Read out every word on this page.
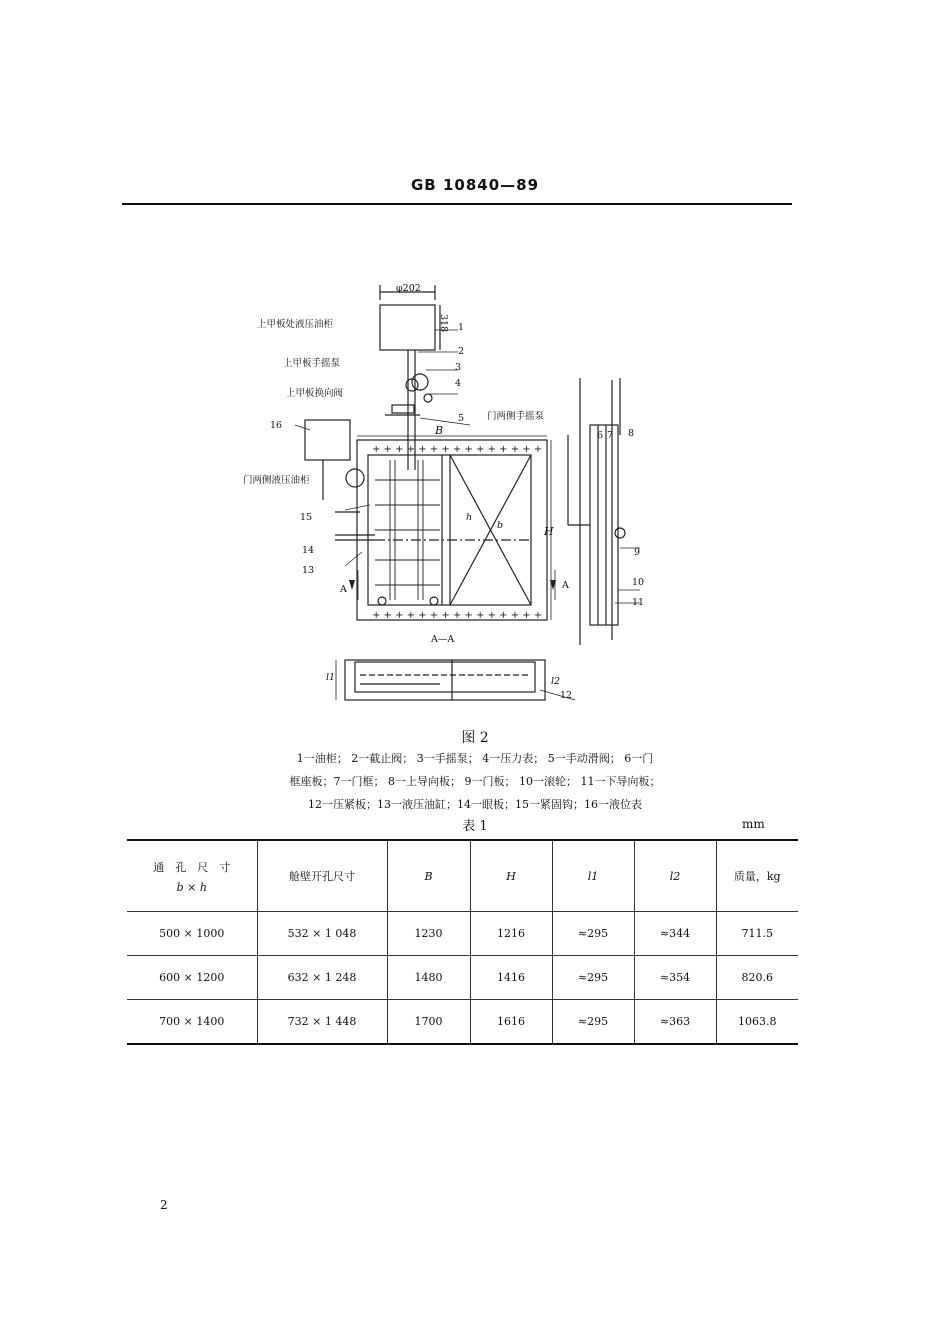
GB 10840—89
+ + + + + + + + + + + + + + +
+ + + + + + + + + + + + + + +
φ202
318
上甲板处液压油柜
上甲板手摇泵
上甲板换向阀
门两侧液压油柜
门两侧手摇泵
B
H
h
b
A	A
A—A
l1	l2
1
2
3
4
5
6 7 8
9
10
11
12
13
14
15
16
图 2
1一油柜； 2一截止阀； 3一手摇泵； 4一压力表； 5一手动滑阀； 6一门
框座板；7一门框； 8一上导向板； 9一门板； 10一滚轮； 11一下导向板；
12一压紧板；13一液压油缸；14一眼板；15一紧固钩；16一液位表
表 1	mm
通　孔　尺　寸
b × h	舱壁开孔尺寸	B	H	l1	l2	质量，kg
500 × 1000	532 × 1 048	1230	1216	≈295	≈344	711.5
600 × 1200	632 × 1 248	1480	1416	≈295	≈354	820.6
700 × 1400	732 × 1 448	1700	1616	≈295	≈363	1063.8
2
